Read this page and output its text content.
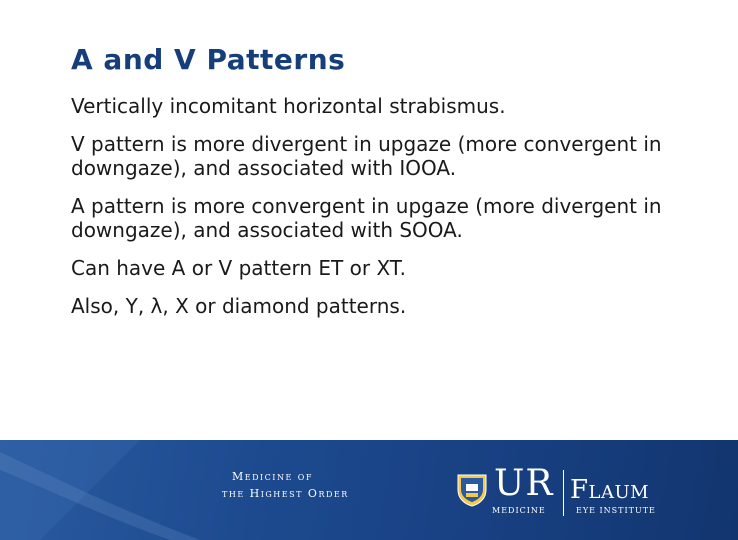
A and V Patterns
Vertically incomitant horizontal strabismus.
V pattern is more divergent in upgaze (more convergent in downgaze), and associated with IOOA.
A pattern is more convergent in upgaze (more divergent in downgaze), and associated with SOOA.
Can have A or V pattern ET or XT.
Also, Y, λ, X or diamond patterns.
Medicine of
the Highest Order	UR
MEDICINE
Flaum
EYE INSTITUTE
